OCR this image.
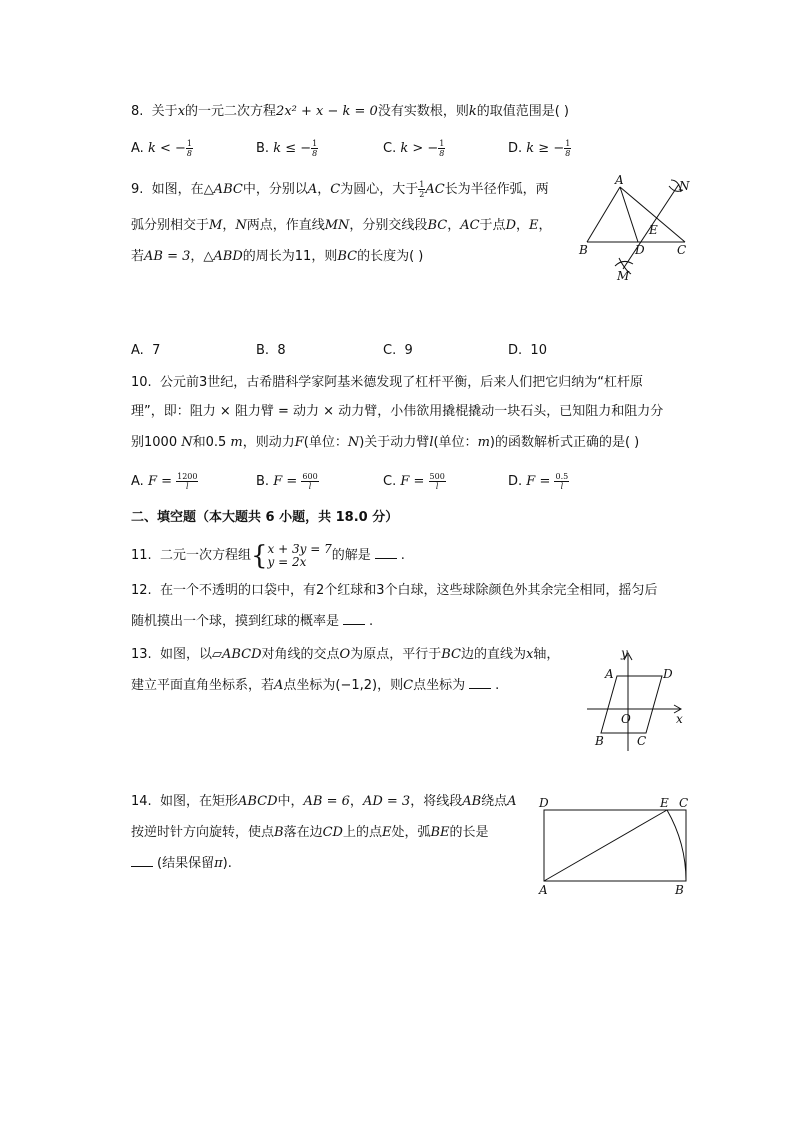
8. 关于x的一元二次方程2x² + x − k = 0没有实数根，则k的取值范围是( )
A. k < − $\frac{1}{8}$	B. k ≤ − $\frac{1}{8}$	C. k > − $\frac{1}{8}$	D. k ≥ − $\frac{1}{8}$
9. 如图，在△ABC中，分别以A，C为圆心，大于 $\frac{1}{2}$ AC长为半径作弧，两
弧分别相交于M，N两点，作直线MN，分别交线段BC，AC于点D，E，
若AB = 3，△ABD的周长为11，则BC的长度为( )
A
B	C
D
E
M
N
A. 7	B. 8	C. 9	D. 10
10. 公元前3世纪，古希腊科学家阿基米德发现了杠杆平衡，后来人们把它归纳为“杠杆原
理”，即：阻力 × 阻力臂 = 动力 × 动力臂，小伟欲用撬棍撬动一块石头，已知阻力和阻力分
别1000 N和0.5 m，则动力F(单位：N)关于动力臂l(单位：m)的函数解析式正确的是( )
A. $F = \frac{1200}{l}$	B. $F = \frac{600}{l}$	C. $F = \frac{500}{l}$	D. $F = \frac{0.5}{l}$
二、填空题（本大题共 6 小题，共 18.0 分）
11. 二元一次方程组{ x + 3y = 7
y = 2x	的解是 .
12. 在一个不透明的口袋中，有2个红球和3个白球，这些球除颜色外其余完全相同，摇匀后
随机摸出一个球，摸到红球的概率是 .
13. 如图，以▱ABCD对角线的交点O为原点，平行于BC边的直线为x轴，
建立平面直角坐标系，若A点坐标为(−1,2)，则C点坐标为 .
A	D
B	C
O	x
y
14. 如图，在矩形ABCD中，AB = 6，AD = 3，将线段AB绕点A
按逆时针方向旋转，使点B落在边CD上的点E处，弧BE的长是
(结果保留π).
D	E C
A	B
